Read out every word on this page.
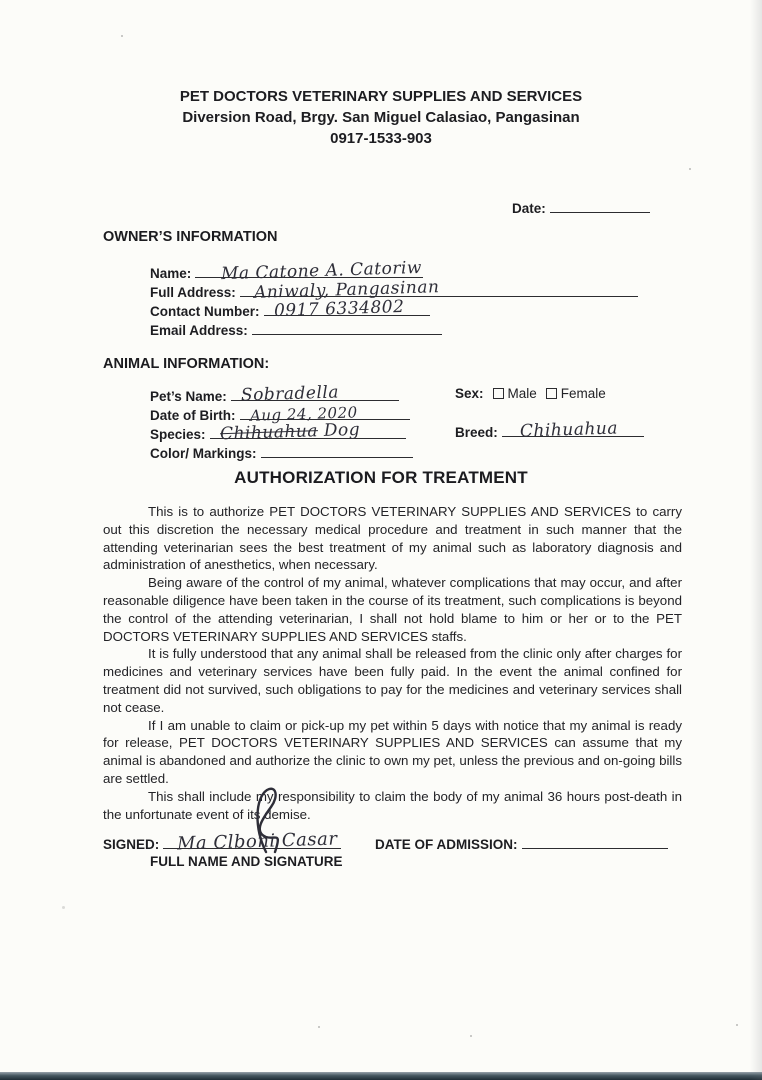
PET DOCTORS VETERINARY SUPPLIES AND SERVICES
Diversion Road, Brgy. San Miguel Calasiao, Pangasinan
0917-1533-903
Date:
OWNER’S INFORMATION
Name: Ma Catone A. Catoriw
Full Address: Aniwaly, Pangasinan
Contact Number: 0917 6334802
Email Address:
ANIMAL INFORMATION:
Pet’s Name: Sobradella
Date of Birth: Aug 24, 2020
Species: Chihuahua Dog
Color/ Markings:
Sex: Male Female
Breed: Chihuahua
AUTHORIZATION FOR TREATMENT

This is to authorize PET DOCTORS VETERINARY SUPPLIES AND SERVICES to carry out this discretion the necessary medical procedure and treatment in such manner that the attending veterinarian sees the best treatment of my animal such as laboratory diagnosis and administration of anesthetics, when necessary.

Being aware of the control of my animal, whatever complications that may occur, and after reasonable diligence have been taken in the course of its treatment, such complications is beyond the control of the attending veterinarian, I shall not hold blame to him or her or to the PET DOCTORS VETERINARY SUPPLIES AND SERVICES staffs.

It is fully understood that any animal shall be released from the clinic only after charges for medicines and veterinary services have been fully paid. In the event the animal confined for treatment did not survived, such obligations to pay for the medicines and veterinary services shall not cease.

If I am unable to claim or pick-up my pet within 5 days with notice that my animal is ready for release, PET DOCTORS VETERINARY SUPPLIES AND SERVICES can assume that my animal is abandoned and authorize the clinic to own my pet, unless the previous and on-going bills are settled.

This shall include my responsibility to claim the body of my animal 36 hours post-death in the unfortunate event of its demise.

SIGNED: Ma Clboni Casar
FULL NAME AND SIGNATURE
DATE OF ADMISSION:
